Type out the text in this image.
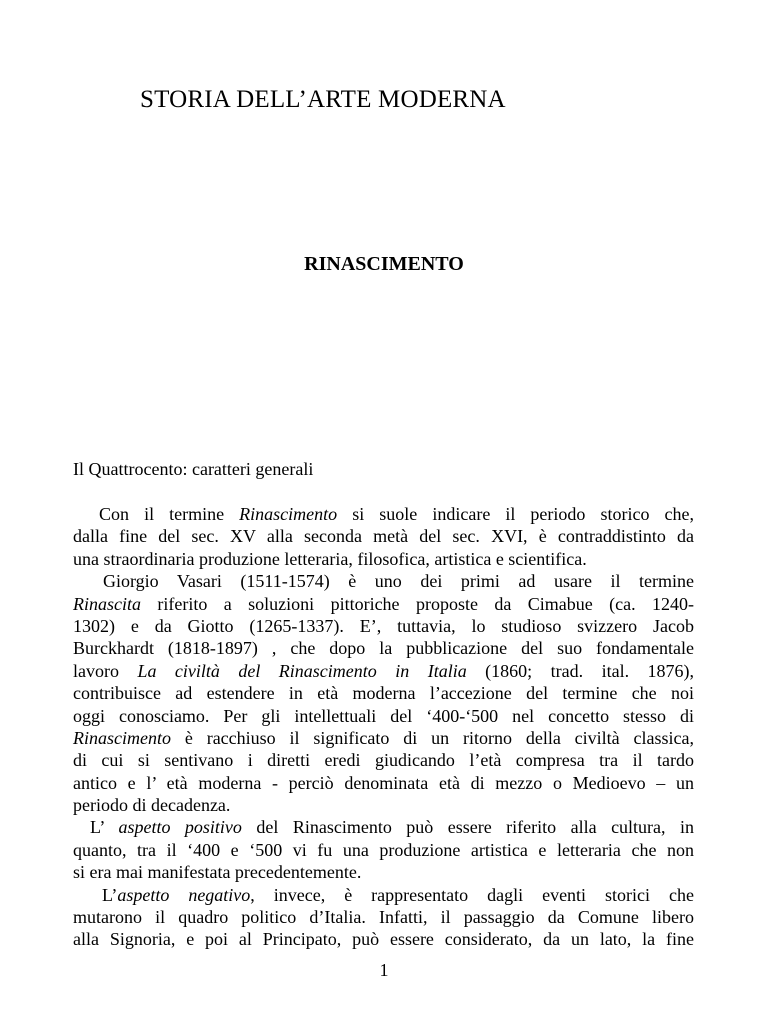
STORIA DELL’ARTE MODERNA
RINASCIMENTO
Il Quattrocento: caratteri generali
Con il termine Rinascimento si suole indicare il periodo storico che,
dalla fine del sec. XV alla seconda metà del sec. XVI, è contraddistinto da
una straordinaria produzione letteraria, filosofica, artistica e scientifica.
Giorgio Vasari (1511-1574) è uno dei primi ad usare il termine
Rinascita riferito a soluzioni pittoriche proposte da Cimabue (ca. 1240-
1302) e da Giotto (1265-1337). E’, tuttavia, lo studioso svizzero Jacob
Burckhardt (1818-1897) , che dopo la pubblicazione del suo fondamentale
lavoro La civiltà del Rinascimento in Italia (1860; trad. ital. 1876),
contribuisce ad estendere in età moderna l’accezione del termine che noi
oggi conosciamo. Per gli intellettuali del ‘400-‘500 nel concetto stesso di
Rinascimento è racchiuso il significato di un ritorno della civiltà classica,
di cui si sentivano i diretti eredi giudicando l’età compresa tra il tardo
antico e l’ età moderna - perciò denominata età di mezzo o Medioevo – un
periodo di decadenza.
L’ aspetto positivo del Rinascimento può essere riferito alla cultura, in
quanto, tra il ‘400 e ‘500 vi fu una produzione artistica e letteraria che non
si era mai manifestata precedentemente.
L’aspetto negativo, invece, è rappresentato dagli eventi storici che
mutarono il quadro politico d’Italia. Infatti, il passaggio da Comune libero
alla Signoria, e poi al Principato, può essere considerato, da un lato, la fine
1
